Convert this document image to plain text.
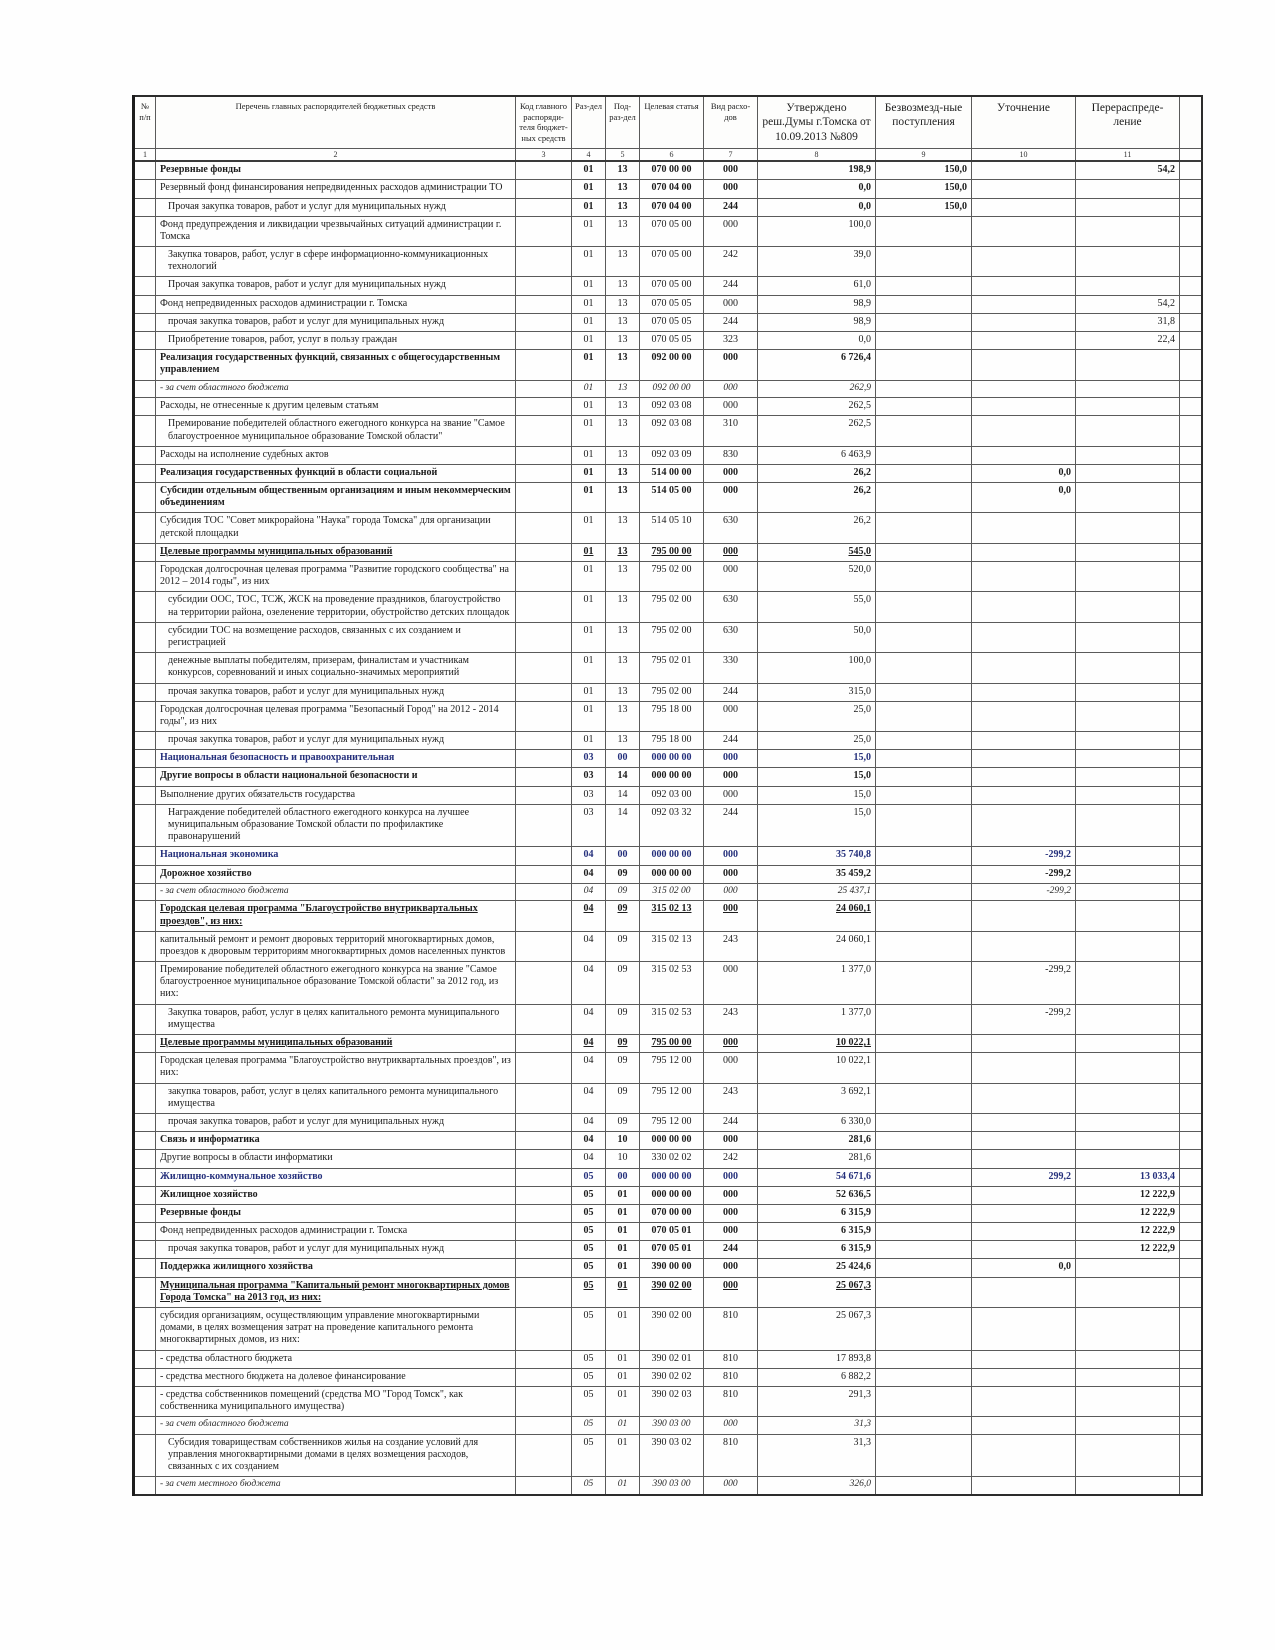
№ п/п	Перечень главных распорядителей бюджетных средств	Код главного распоряди-теля бюджет-ных средств	Раз-дел	Под-раз-дел	Целевая статья	Вид расхо-дов	Утверждено реш.Думы г.Томска от 10.09.2013 №809	Безвозмезд-ные поступления	Уточнение	Перераспреде-ление	
1	2	3	4	5	6	7	8	9	10	11	
	Резервные фонды		01	13	070 00 00	000	198,9	150,0		54,2	
	Резервный фонд финансирования непредвиденных расходов администрации ТО		01	13	070 04 00	000	0,0	150,0			
	Прочая закупка товаров, работ и услуг для муниципальных нужд		01	13	070 04 00	244	0,0	150,0			
	Фонд предупреждения и ликвидации чрезвычайных ситуаций администрации г. Томска		01	13	070 05 00	000	100,0				
	Закупка товаров, работ, услуг в сфере информационно-коммуникационных технологий		01	13	070 05 00	242	39,0				
	Прочая закупка товаров, работ и услуг для муниципальных нужд		01	13	070 05 00	244	61,0				
	Фонд непредвиденных расходов администрации г. Томска		01	13	070 05 05	000	98,9			54,2	
	прочая закупка товаров, работ и услуг для муниципальных нужд		01	13	070 05 05	244	98,9			31,8	
	Приобретение товаров, работ, услуг в пользу граждан		01	13	070 05 05	323	0,0			22,4	
	Реализация государственных функций, связанных с общегосударственным управлением		01	13	092 00 00	000	6 726,4				
	- за счет областного бюджета		01	13	092 00 00	000	262,9				
	Расходы, не отнесенные к другим целевым статьям		01	13	092 03 08	000	262,5				
	Премирование победителей областного ежегодного конкурса на звание "Самое благоустроенное муниципальное образование Томской области"		01	13	092 03 08	310	262,5				
	Расходы на исполнение судебных актов		01	13	092 03 09	830	6 463,9				
	Реализация государственных функций в области социальной		01	13	514 00 00	000	26,2		0,0		
	Субсидии отдельным общественным организациям и иным некоммерческим объединениям		01	13	514 05 00	000	26,2		0,0		
	Субсидия ТОС "Совет микрорайона "Наука" города Томска" для организации детской площадки		01	13	514 05 10	630	26,2				
	Целевые программы муниципальных образований		01	13	795 00 00	000	545,0				
	Городская долгосрочная целевая программа "Развитие городского сообщества" на 2012 – 2014 годы", из них		01	13	795 02 00	000	520,0				
	субсидии ООС, ТОС, ТСЖ, ЖСК на проведение праздников, благоустройство на территории района, озеленение территории, обустройство детских площадок		01	13	795 02 00	630	55,0				
	субсидии ТОС на возмещение расходов, связанных с их созданием и регистрацией		01	13	795 02 00	630	50,0				
	денежные выплаты победителям, призерам, финалистам и участникам конкурсов, соревнований и иных социально-значимых мероприятий		01	13	795 02 01	330	100,0				
	прочая закупка товаров, работ и услуг для муниципальных нужд		01	13	795 02 00	244	315,0				
	Городская долгосрочная целевая программа "Безопасный Город" на 2012 - 2014 годы", из них		01	13	795 18 00	000	25,0				
	прочая закупка товаров, работ и услуг для муниципальных нужд		01	13	795 18 00	244	25,0				
	Национальная безопасность и правоохранительная		03	00	000 00 00	000	15,0				
	Другие вопросы в области национальной безопасности и		03	14	000 00 00	000	15,0				
	Выполнение других обязательств государства		03	14	092 03 00	000	15,0				
	Награждение победителей областного ежегодного конкурса на лучшее муниципальным образование Томской области по профилактике правонарушений		03	14	092 03 32	244	15,0				
	Национальная экономика		04	00	000 00 00	000	35 740,8		-299,2		
	Дорожное хозяйство		04	09	000 00 00	000	35 459,2		-299,2		
	- за счет областного бюджета		04	09	315 02 00	000	25 437,1		-299,2		
	Городская целевая программа "Благоустройство внутриквартальных проездов", из них:		04	09	315 02 13	000	24 060,1				
	капитальный ремонт и ремонт дворовых территорий многоквартирных домов, проездов к дворовым территориям многоквартирных домов населенных пунктов		04	09	315 02 13	243	24 060,1				
	Премирование победителей областного ежегодного конкурса на звание "Самое благоустроенное муниципальное образование Томской области" за 2012 год, из них:		04	09	315 02 53	000	1 377,0		-299,2		
	Закупка товаров, работ, услуг в целях капитального ремонта муниципального имущества		04	09	315 02 53	243	1 377,0		-299,2		
	Целевые программы муниципальных образований		04	09	795 00 00	000	10 022,1				
	Городская целевая программа "Благоустройство внутриквартальных проездов", из них:		04	09	795 12 00	000	10 022,1				
	закупка товаров, работ, услуг в целях капитального ремонта муниципального имущества		04	09	795 12 00	243	3 692,1				
	прочая закупка товаров, работ и услуг для муниципальных нужд		04	09	795 12 00	244	6 330,0				
	Связь и информатика		04	10	000 00 00	000	281,6				
	Другие вопросы в области информатики		04	10	330 02 02	242	281,6				
	Жилищно-коммунальное хозяйство		05	00	000 00 00	000	54 671,6		299,2	13 033,4	
	Жилищное хозяйство		05	01	000 00 00	000	52 636,5			12 222,9	
	Резервные фонды		05	01	070 00 00	000	6 315,9			12 222,9	
	Фонд непредвиденных расходов администрации г. Томска		05	01	070 05 01	000	6 315,9			12 222,9	
	прочая закупка товаров, работ и услуг для муниципальных нужд		05	01	070 05 01	244	6 315,9			12 222,9	
	Поддержка жилищного хозяйства		05	01	390 00 00	000	25 424,6		0,0		
	Муниципальная программа "Капитальный ремонт многоквартирных домов Города Томска" на 2013 год, из них:		05	01	390 02 00	000	25 067,3				
	субсидия организациям, осуществляющим управление многоквартирными домами, в целях возмещения затрат на проведение капитального ремонта многоквартирных домов, из них:		05	01	390 02 00	810	25 067,3				
	- средства областного бюджета		05	01	390 02 01	810	17 893,8				
	- средства местного бюджета на долевое финансирование		05	01	390 02 02	810	6 882,2				
	- средства собственников помещений (средства МО "Город Томск", как собственника муниципального имущества)		05	01	390 02 03	810	291,3				
	- за счет областного бюджета		05	01	390 03 00	000	31,3				
	Субсидия товариществам собственников жилья на создание условий для управления многоквартирными домами в целях возмещения расходов, связанных с их созданием		05	01	390 03 02	810	31,3				
	- за счет местного бюджета		05	01	390 03 00	000	326,0				
